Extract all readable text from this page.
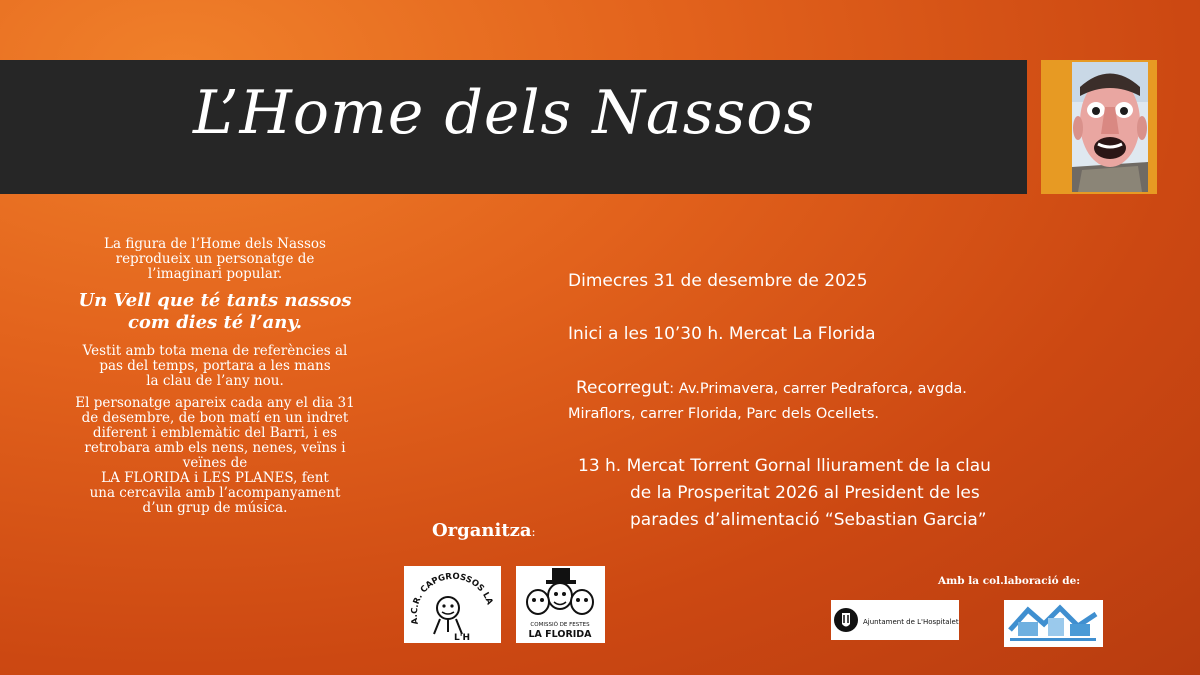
L’Home dels Nassos

La figura de l’Home dels Nassos

reprodueix un personatge de

l’imaginari popular.

Un Vell que té tants nassos
com dies té l’any.

Vestit amb tota mena de referències al

pas del temps, portara a les mans

la clau de l’any nou.

El personatge apareix cada any el dia 31

de desembre, de bon matí en un indret

diferent i emblemàtic del Barri, i es

retrobara amb els nens, nenes, veïns i

veïnes de

LA FLORIDA i LES PLANES, fent

una cercavila amb l’acompanyament

d’un grup de música.

Dimecres 31 de desembre de 2025
Inici a les 10’30 h. Mercat La Florida
Recorregut: Av.Primavera, carrer Pedraforca, avgda.
Miraflors, carrer Florida, Parc dels Ocellets.
13 h. Mercat Torrent Gornal lliurament de la clau
de la Prosperitat 2026 al President de les
parades d’alimentació “Sebastian Garcia”

Organitza:

A.C.R. CAPGROSSOS LA
L'H
COMISSIÓ DE FESTES
LA FLORIDA

Amb la col.laboració de:

Ajuntament de L'Hospitalet
